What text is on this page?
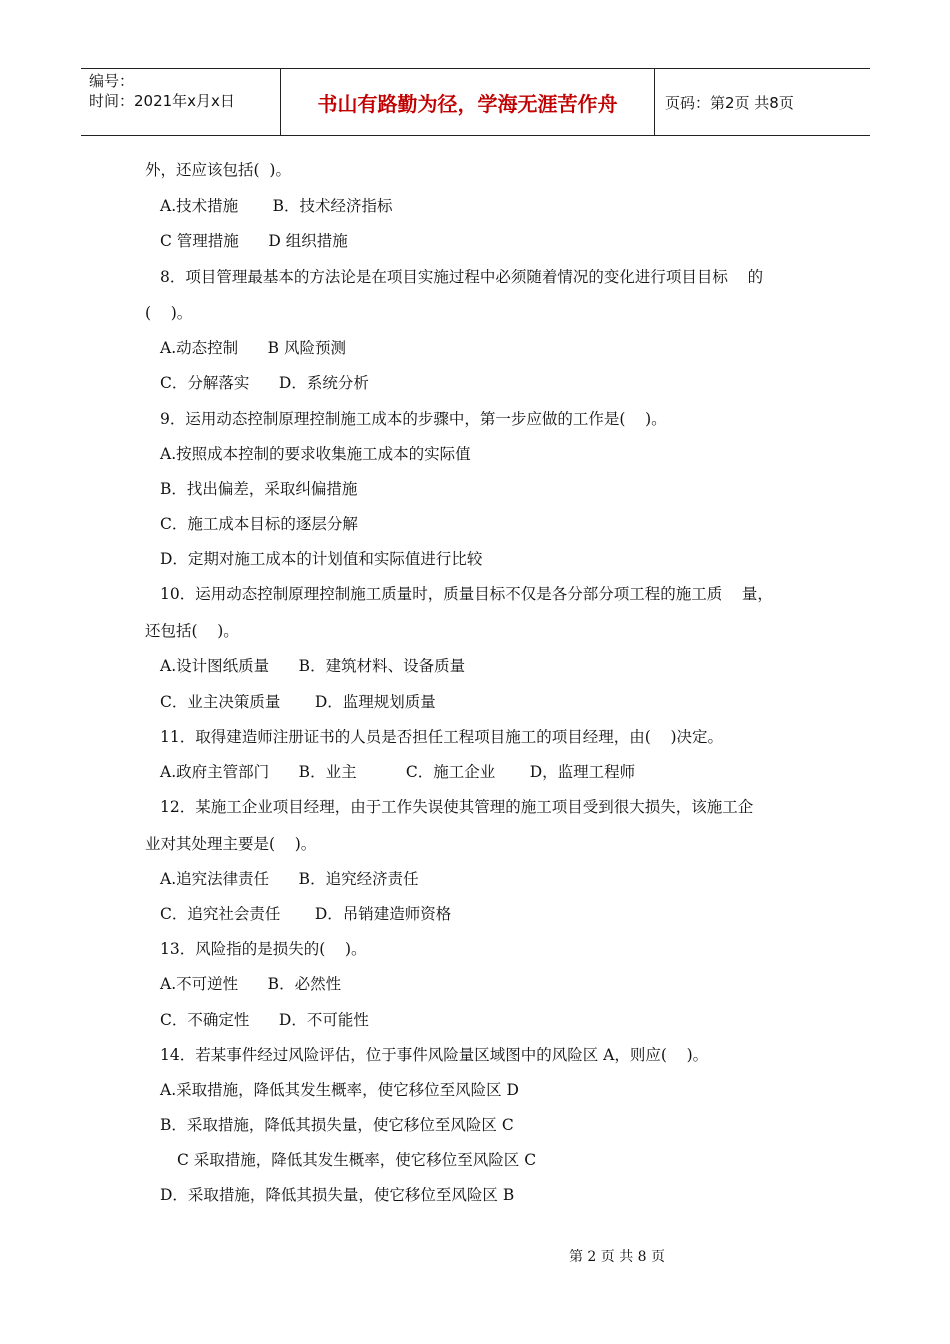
编号：
时间：2021年x月x日	书山有路勤为径，学海无涯苦作舟	页码：第2页 共8页
外，还应该包括(  )。
A.技术措施       B．技术经济指标
C 管理措施      D 组织措施
8．项目管理最基本的方法论是在项目实施过程中必须随着情况的变化进行项目目标    的
(    )。
A.动态控制      B 风险预测
C．分解落实      D．系统分析
9．运用动态控制原理控制施工成本的步骤中，第一步应做的工作是(    )。
A.按照成本控制的要求收集施工成本的实际值
B．找出偏差，采取纠偏措施
C．施工成本目标的逐层分解
D．定期对施工成本的计划值和实际值进行比较
10．运用动态控制原理控制施工质量时，质量目标不仅是各分部分项工程的施工质    量，
还包括(    )。
A.设计图纸质量      B．建筑材料、设备质量
C．业主决策质量       D．监理规划质量
11．取得建造师注册证书的人员是否担任工程项目施工的项目经理，由(    )决定。
A.政府主管部门      B．业主          C．施工企业       D，监理工程师
12．某施工企业项目经理，由于工作失误使其管理的施工项目受到很大损失，该施工企
业对其处理主要是(    )。
A.追究法律责任      B．追究经济责任
C．追究社会责任       D．吊销建造师资格
13．风险指的是损失的(    )。
A.不可逆性      B．必然性
C．不确定性      D．不可能性
14．若某事件经过风险评估，位于事件风险量区域图中的风险区 A，则应(    )。
A.采取措施，降低其发生概率，使它移位至风险区 D
B．采取措施，降低其损失量，使它移位至风险区 C
C 采取措施，降低其发生概率，使它移位至风险区 C
D．采取措施，降低其损失量，使它移位至风险区 B
第 2 页 共 8 页
